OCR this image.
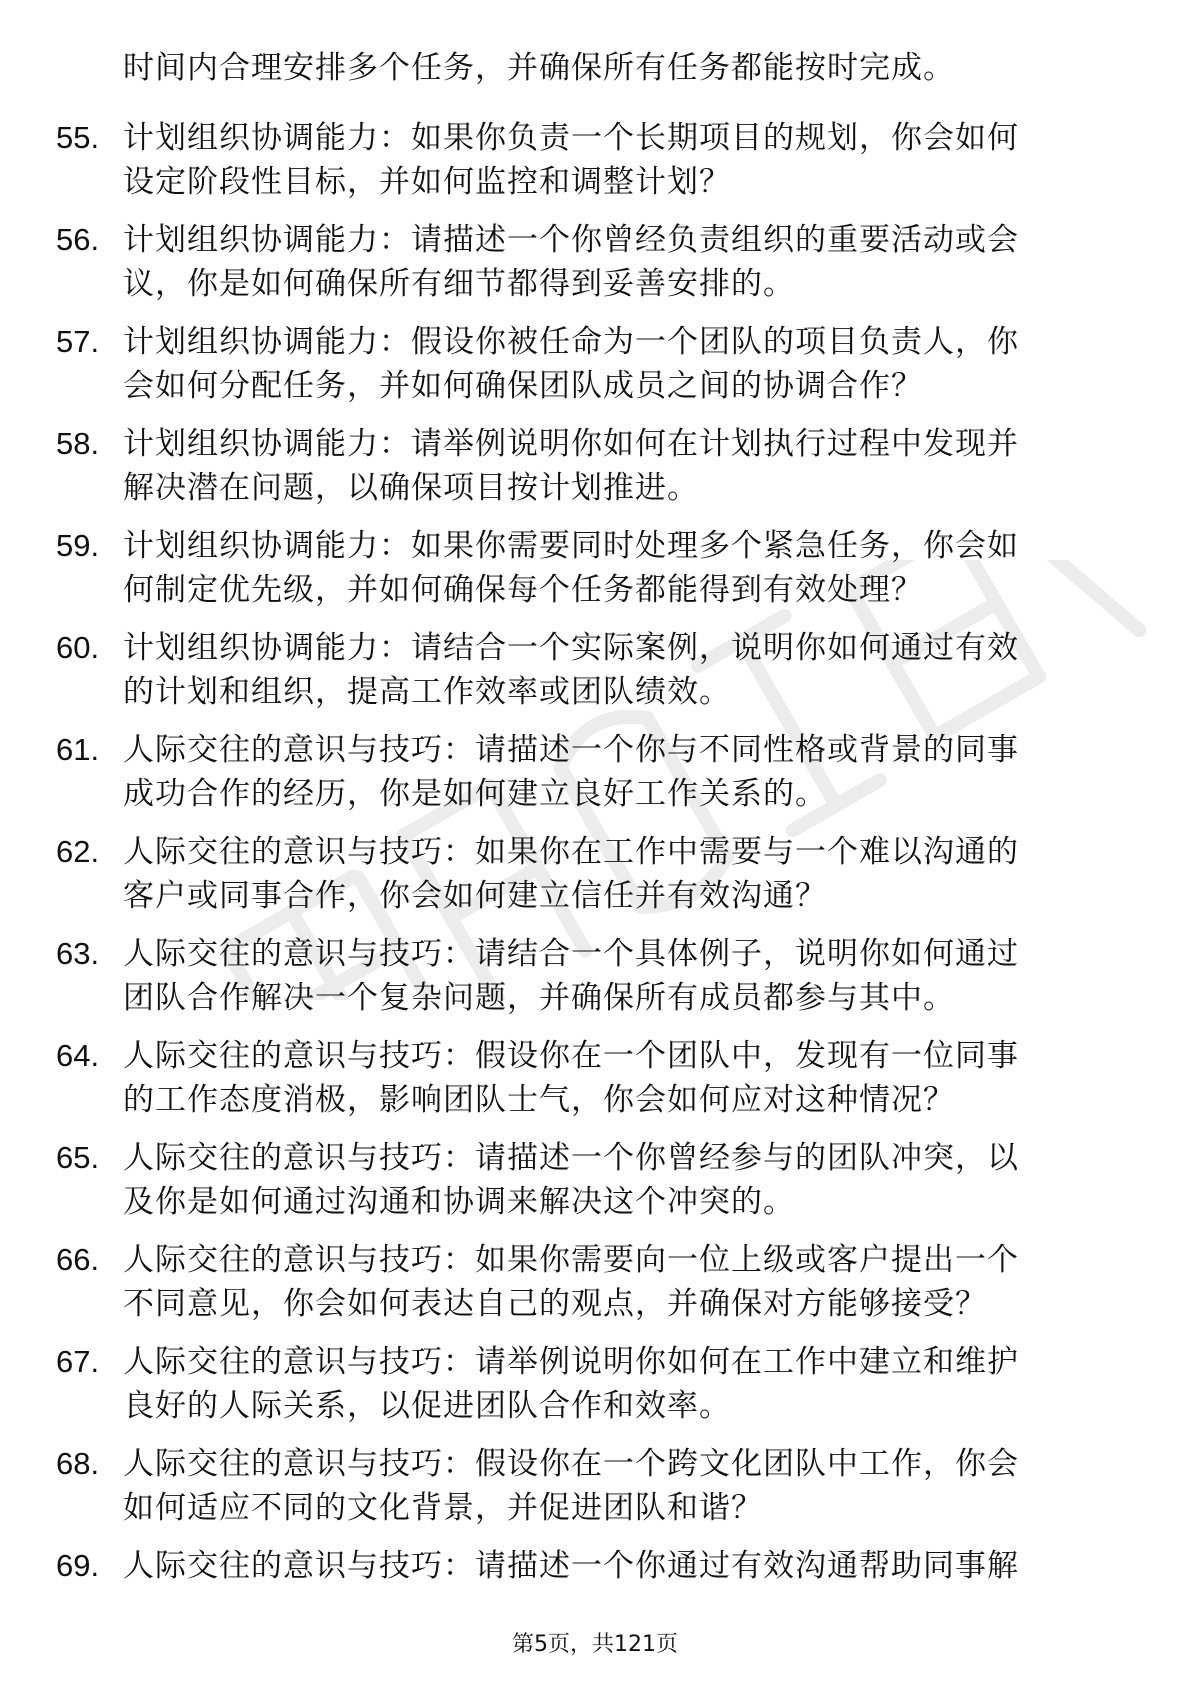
时间内合理安排多个任务，并确保所有任务都能按时完成。
55. 计划组织协调能力：如果你负责一个长期项目的规划，你会如何
设定阶段性目标，并如何监控和调整计划？
56. 计划组织协调能力：请描述一个你曾经负责组织的重要活动或会
议，你是如何确保所有细节都得到妥善安排的。
57. 计划组织协调能力：假设你被任命为一个团队的项目负责人，你
会如何分配任务，并如何确保团队成员之间的协调合作？
58. 计划组织协调能力：请举例说明你如何在计划执行过程中发现并
解决潜在问题，以确保项目按计划推进。
59. 计划组织协调能力：如果你需要同时处理多个紧急任务，你会如
何制定优先级，并如何确保每个任务都能得到有效处理？
60. 计划组织协调能力：请结合一个实际案例，说明你如何通过有效
的计划和组织，提高工作效率或团队绩效。
61. 人际交往的意识与技巧：请描述一个你与不同性格或背景的同事
成功合作的经历，你是如何建立良好工作关系的。
62. 人际交往的意识与技巧：如果你在工作中需要与一个难以沟通的
客户或同事合作，你会如何建立信任并有效沟通？
63. 人际交往的意识与技巧：请结合一个具体例子，说明你如何通过
团队合作解决一个复杂问题，并确保所有成员都参与其中。
64. 人际交往的意识与技巧：假设你在一个团队中，发现有一位同事
的工作态度消极，影响团队士气，你会如何应对这种情况？
65. 人际交往的意识与技巧：请描述一个你曾经参与的团队冲突，以
及你是如何通过沟通和协调来解决这个冲突的。
66. 人际交往的意识与技巧：如果你需要向一位上级或客户提出一个
不同意见，你会如何表达自己的观点，并确保对方能够接受？
67. 人际交往的意识与技巧：请举例说明你如何在工作中建立和维护
良好的人际关系，以促进团队合作和效率。
68. 人际交往的意识与技巧：假设你在一个跨文化团队中工作，你会
如何适应不同的文化背景，并促进团队和谐？
69. 人际交往的意识与技巧：请描述一个你通过有效沟通帮助同事解
第5页，共121页
